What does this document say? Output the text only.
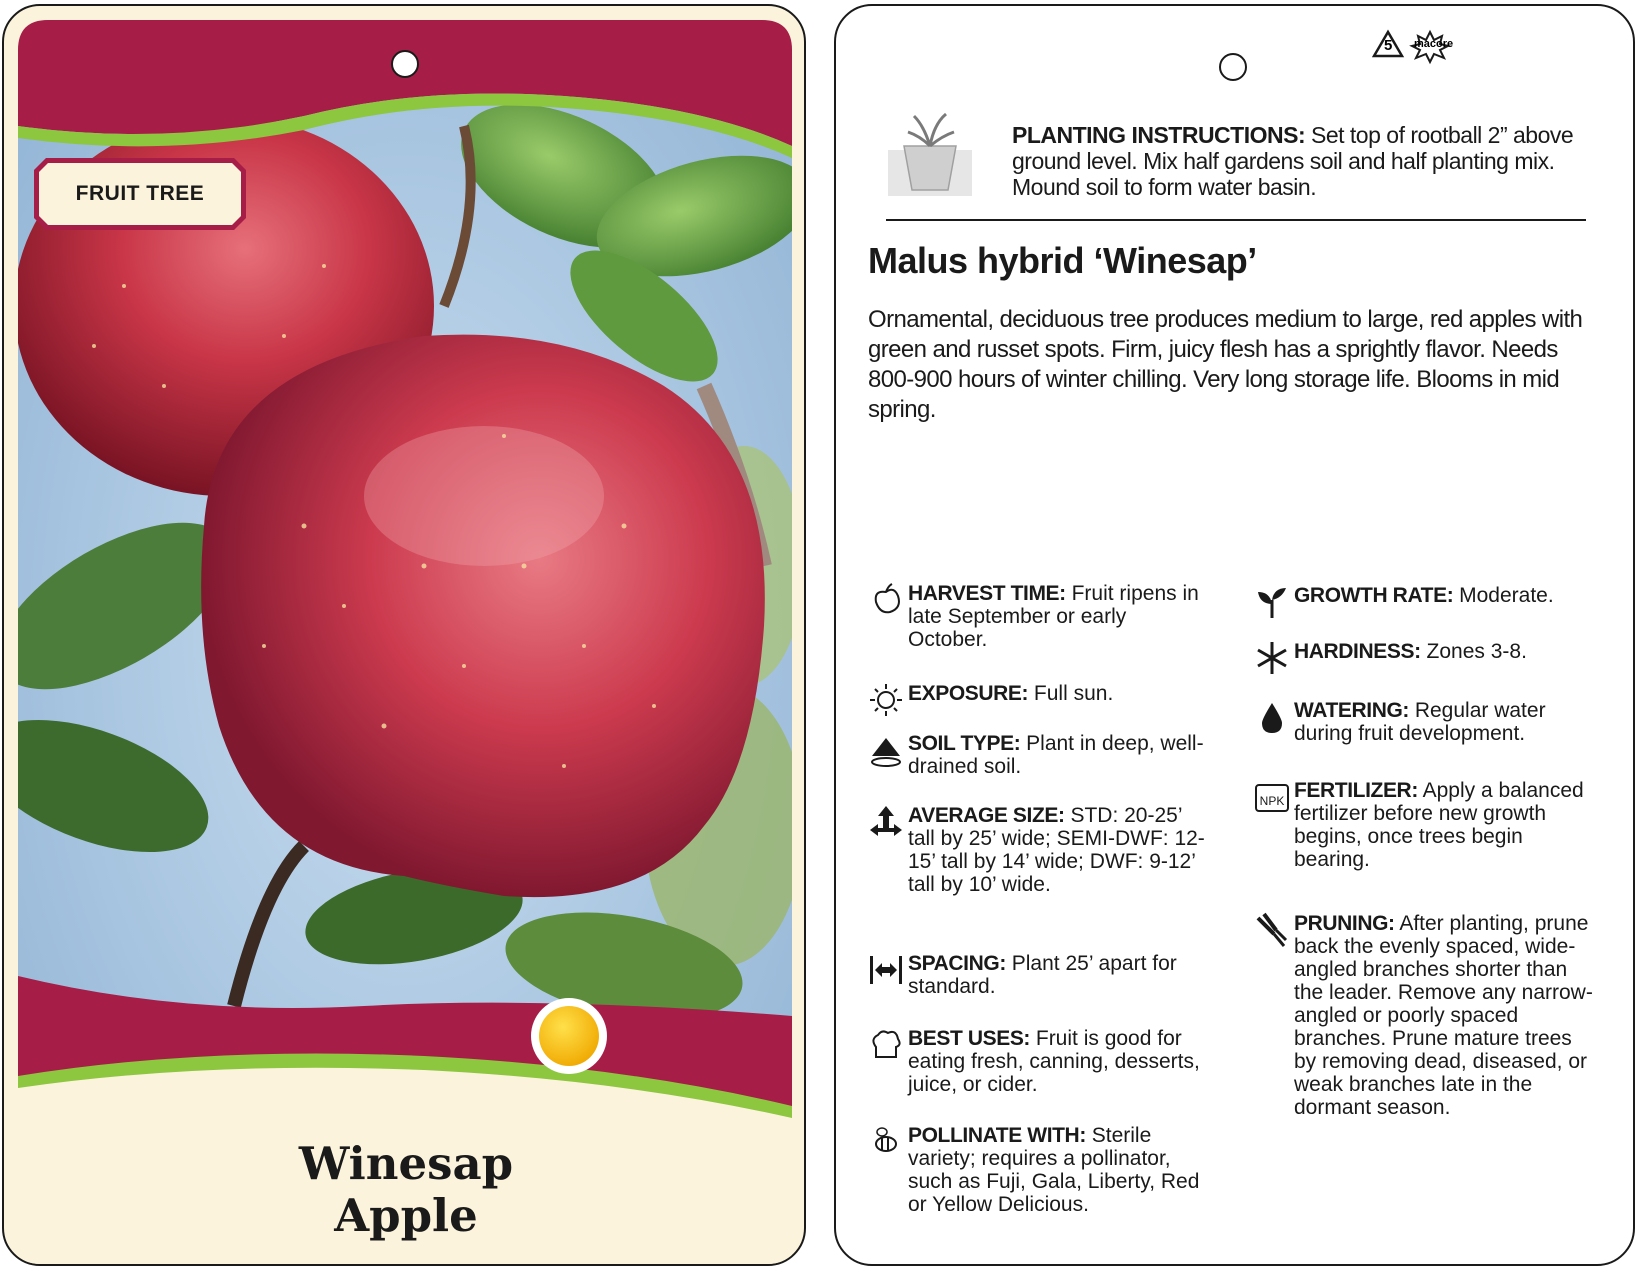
FRUIT TREE
Winesap
Apple
5 macore
PLANTING INSTRUCTIONS: Set top of rootball 2” above ground level. Mix half gardens soil and half planting mix. Mound soil to form water basin.
Malus hybrid ‘Winesap’
Ornamental, deciduous tree produces medium to large, red apples with green and russet spots. Firm, juicy flesh has a sprightly flavor. Needs 800-900 hours of winter chilling. Very long storage life. Blooms in mid spring.
HARVEST TIME: Fruit ripens in late September or early October.
EXPOSURE: Full sun.
SOIL TYPE: Plant in deep, well-drained soil.
AVERAGE SIZE: STD: 20-25’ tall by 25’ wide; SEMI-DWF: 12-15’ tall by 14’ wide; DWF: 9-12’ tall by 10’ wide.
SPACING: Plant 25’ apart for standard.
BEST USES: Fruit is good for eating fresh, canning, desserts, juice, or cider.
POLLINATE WITH: Sterile variety; requires a pollinator, such as Fuji, Gala, Liberty, Red or Yellow Delicious.
GROWTH RATE: Moderate.
HARDINESS: Zones 3-8.
WATERING: Regular water during fruit development.
NPK FERTILIZER: Apply a balanced fertilizer before new growth begins, once trees begin bearing.
PRUNING: After planting, prune back the evenly spaced, wide-angled branches shorter than the leader. Remove any narrow-angled or poorly spaced branches. Prune mature trees by removing dead, diseased, or weak branches late in the dormant season.
